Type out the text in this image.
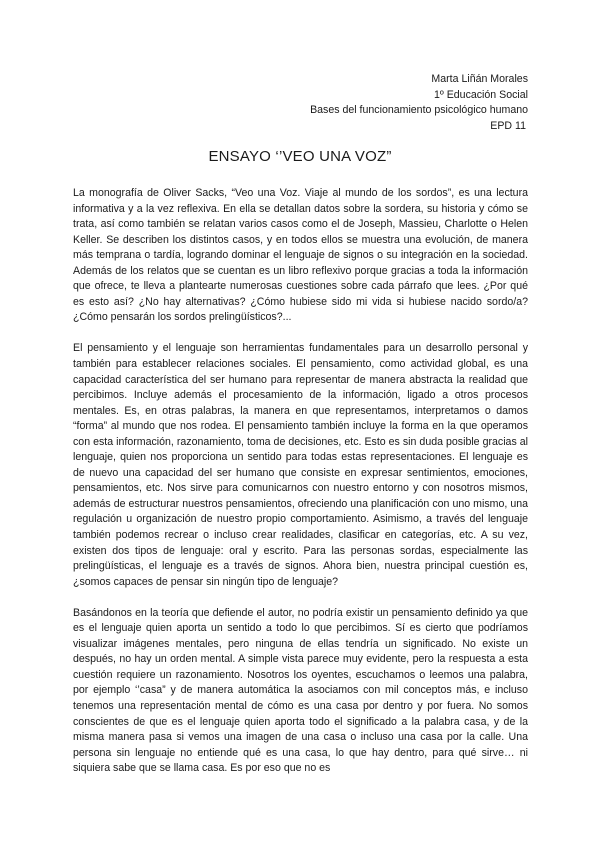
Marta Liñán Morales
1º Educación Social
Bases del funcionamiento psicológico humano
EPD 11
ENSAYO ‘’VEO UNA VOZ”

La monografía de Oliver Sacks, “Veo una Voz. Viaje al mundo de los sordos”, es una lectura informativa y a la vez reflexiva. En ella se detallan datos sobre la sordera, su historia y cómo se trata, así como también se relatan varios casos como el de Joseph, Massieu, Charlotte o Helen Keller. Se describen los distintos casos, y en todos ellos se muestra una evolución, de manera más temprana o tardía, logrando dominar el lenguaje de signos o su integración en la sociedad. Además de los relatos que se cuentan es un libro reflexivo porque gracias a toda la información que ofrece, te lleva a plantearte numerosas cuestiones sobre cada párrafo que lees. ¿Por qué es esto así? ¿No hay alternativas? ¿Cómo hubiese sido mi vida si hubiese nacido sordo/a? ¿Cómo pensarán los sordos prelingüísticos?...

El pensamiento y el lenguaje son herramientas fundamentales para un desarrollo personal y también para establecer relaciones sociales. El pensamiento, como actividad global, es una capacidad característica del ser humano para representar de manera abstracta la realidad que percibimos. Incluye además el procesamiento de la información, ligado a otros procesos mentales. Es, en otras palabras, la manera en que representamos, interpretamos o damos “forma” al mundo que nos rodea. El pensamiento también incluye la forma en la que operamos con esta información, razonamiento, toma de decisiones, etc. Esto es sin duda posible gracias al lenguaje, quien nos proporciona un sentido para todas estas representaciones. El lenguaje es de nuevo una capacidad del ser humano que consiste en expresar sentimientos, emociones, pensamientos, etc. Nos sirve para comunicarnos con nuestro entorno y con nosotros mismos, además de estructurar nuestros pensamientos, ofreciendo una planificación con uno mismo, una regulación u organización de nuestro propio comportamiento. Asimismo, a través del lenguaje también podemos recrear o incluso crear realidades, clasificar en categorías, etc. A su vez, existen dos tipos de lenguaje: oral y escrito. Para las personas sordas, especialmente las prelingüísticas, el lenguaje es a través de signos. Ahora bien, nuestra principal cuestión es, ¿somos capaces de pensar sin ningún tipo de lenguaje?

Basándonos en la teoría que defiende el autor, no podría existir un pensamiento definido ya que es el lenguaje quien aporta un sentido a todo lo que percibimos. Sí es cierto que podríamos visualizar imágenes mentales, pero ninguna de ellas tendría un significado. No existe un después, no hay un orden mental. A simple vista parece muy evidente, pero la respuesta a esta cuestión requiere un razonamiento. Nosotros los oyentes, escuchamos o leemos una palabra, por ejemplo ‘’casa” y de manera automática la asociamos con mil conceptos más, e incluso tenemos una representación mental de cómo es una casa por dentro y por fuera. No somos conscientes de que es el lenguaje quien aporta todo el significado a la palabra casa, y de la misma manera pasa si vemos una imagen de una casa o incluso una casa por la calle. Una persona sin lenguaje no entiende qué es una casa, lo que hay dentro, para qué sirve… ni siquiera sabe que se llama casa. Es por eso que no es
